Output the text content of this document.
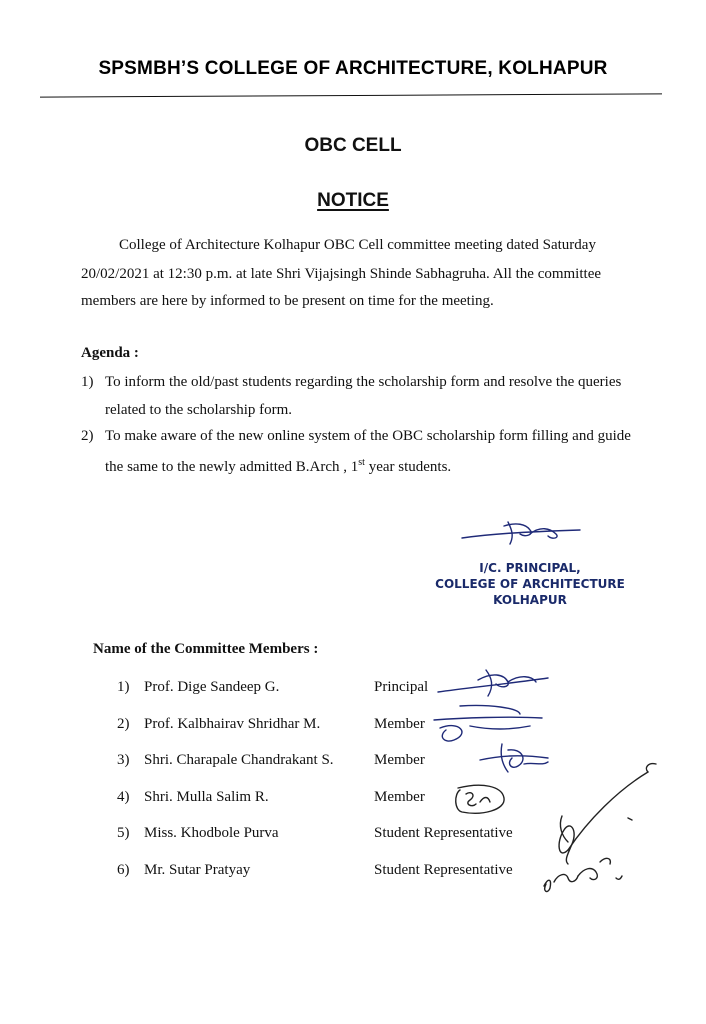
SPSMBH’S COLLEGE OF ARCHITECTURE, KOLHAPUR
OBC CELL
NOTICE
College of Architecture Kolhapur OBC Cell committee meeting dated Saturday
20/02/2021 at 12:30 p.m. at late Shri Vijajsingh Shinde Sabhagruha. All the committee
members are here by informed to be present on time for the meeting.
Agenda :
1) To inform the old/past students regarding the scholarship form and resolve the queries
related to the scholarship form.
2) To make aware of the new online system of the OBC scholarship form filling and guide
the same to the newly admitted B.Arch , 1st year students.
I/C. PRINCIPAL,
COLLEGE OF ARCHITECTURE
KOLHAPUR
Name of the Committee Members :
1) Prof. Dige Sandeep G.	Principal
2) Prof. Kalbhairav Shridhar M.	Member
3) Shri. Charapale Chandrakant S.	Member
4) Shri. Mulla Salim R.	Member
5) Miss. Khodbole Purva	Student Representative
6) Mr. Sutar Pratyay	Student Representative
